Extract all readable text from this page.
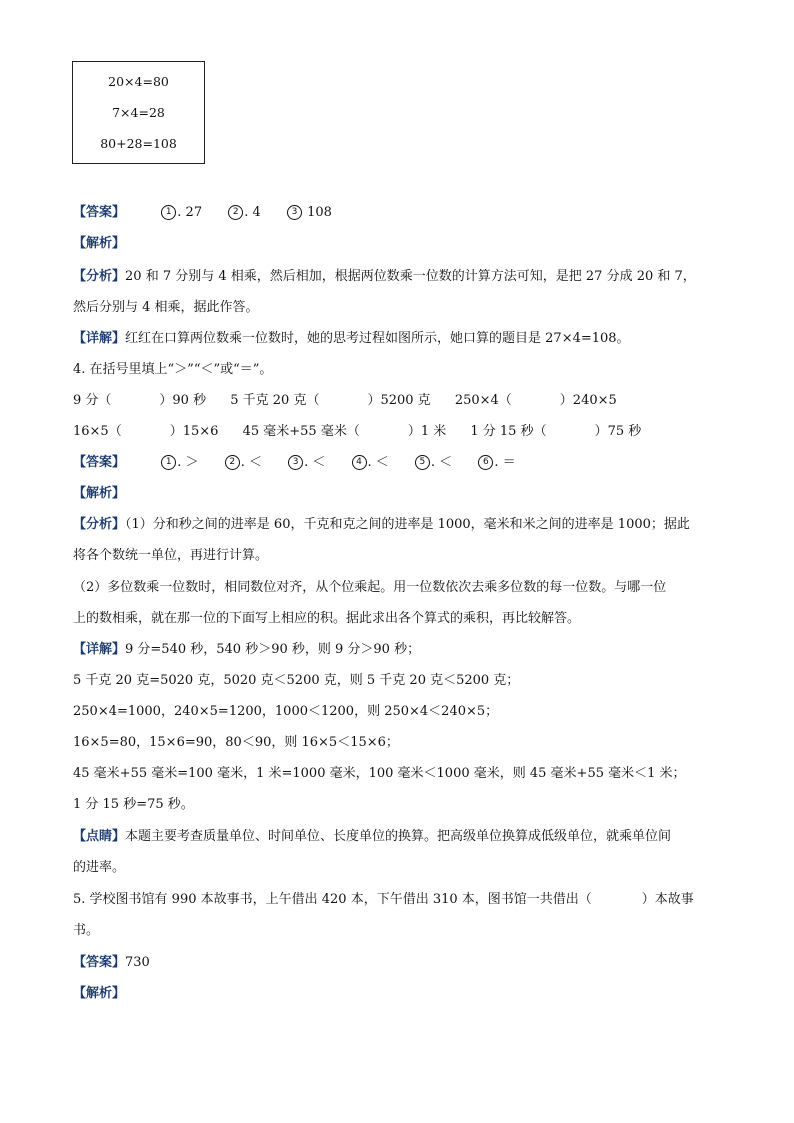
20×4=80
7×4=28
80+28=108
【答案】	1 . 27	2 . 4	3 108
【解析】
【分析】20 和 7 分别与 4 相乘，然后相加，根据两位数乘一位数的计算方法可知，是把 27 分成 20 和 7，
然后分别与 4 相乘，据此作答。
【详解】红红在口算两位数乘一位数时，她的思考过程如图所示，她口算的题目是 27×4=108。
4. 在括号里填上“＞”“＜”或“＝”。
9 分（	）90 秒 5 千克 20 克（	）5200 克 250×4（	）240×5
16×5（	）15×6 45 毫米+55 毫米（	）1 米 1 分 15 秒（	）75 秒
【答案】	1 . ＞	2 . ＜	3 . ＜	4 . ＜	5 . ＜	6 . ＝
【解析】
【分析】（1）分和秒之间的进率是 60，千克和克之间的进率是 1000，毫米和米之间的进率是 1000；据此
将各个数统一单位，再进行计算。
（2）多位数乘一位数时，相同数位对齐，从个位乘起。用一位数依次去乘多位数的每一位数。与哪一位
上的数相乘，就在那一位的下面写上相应的积。据此求出各个算式的乘积，再比较解答。
【详解】9 分=540 秒，540 秒＞90 秒，则 9 分＞90 秒；
5 千克 20 克=5020 克，5020 克＜5200 克，则 5 千克 20 克＜5200 克；
250×4=1000，240×5=1200，1000＜1200，则 250×4＜240×5；
16×5=80，15×6=90，80＜90，则 16×5＜15×6；
45 毫米+55 毫米=100 毫米，1 米=1000 毫米，100 毫米＜1000 毫米，则 45 毫米+55 毫米＜1 米；
1 分 15 秒=75 秒。
【点睛】本题主要考查质量单位、时间单位、长度单位的换算。把高级单位换算成低级单位，就乘单位间
的进率。
5. 学校图书馆有 990 本故事书，上午借出 420 本，下午借出 310 本，图书馆一共借出（	）本故事
书。
【答案】730
【解析】
